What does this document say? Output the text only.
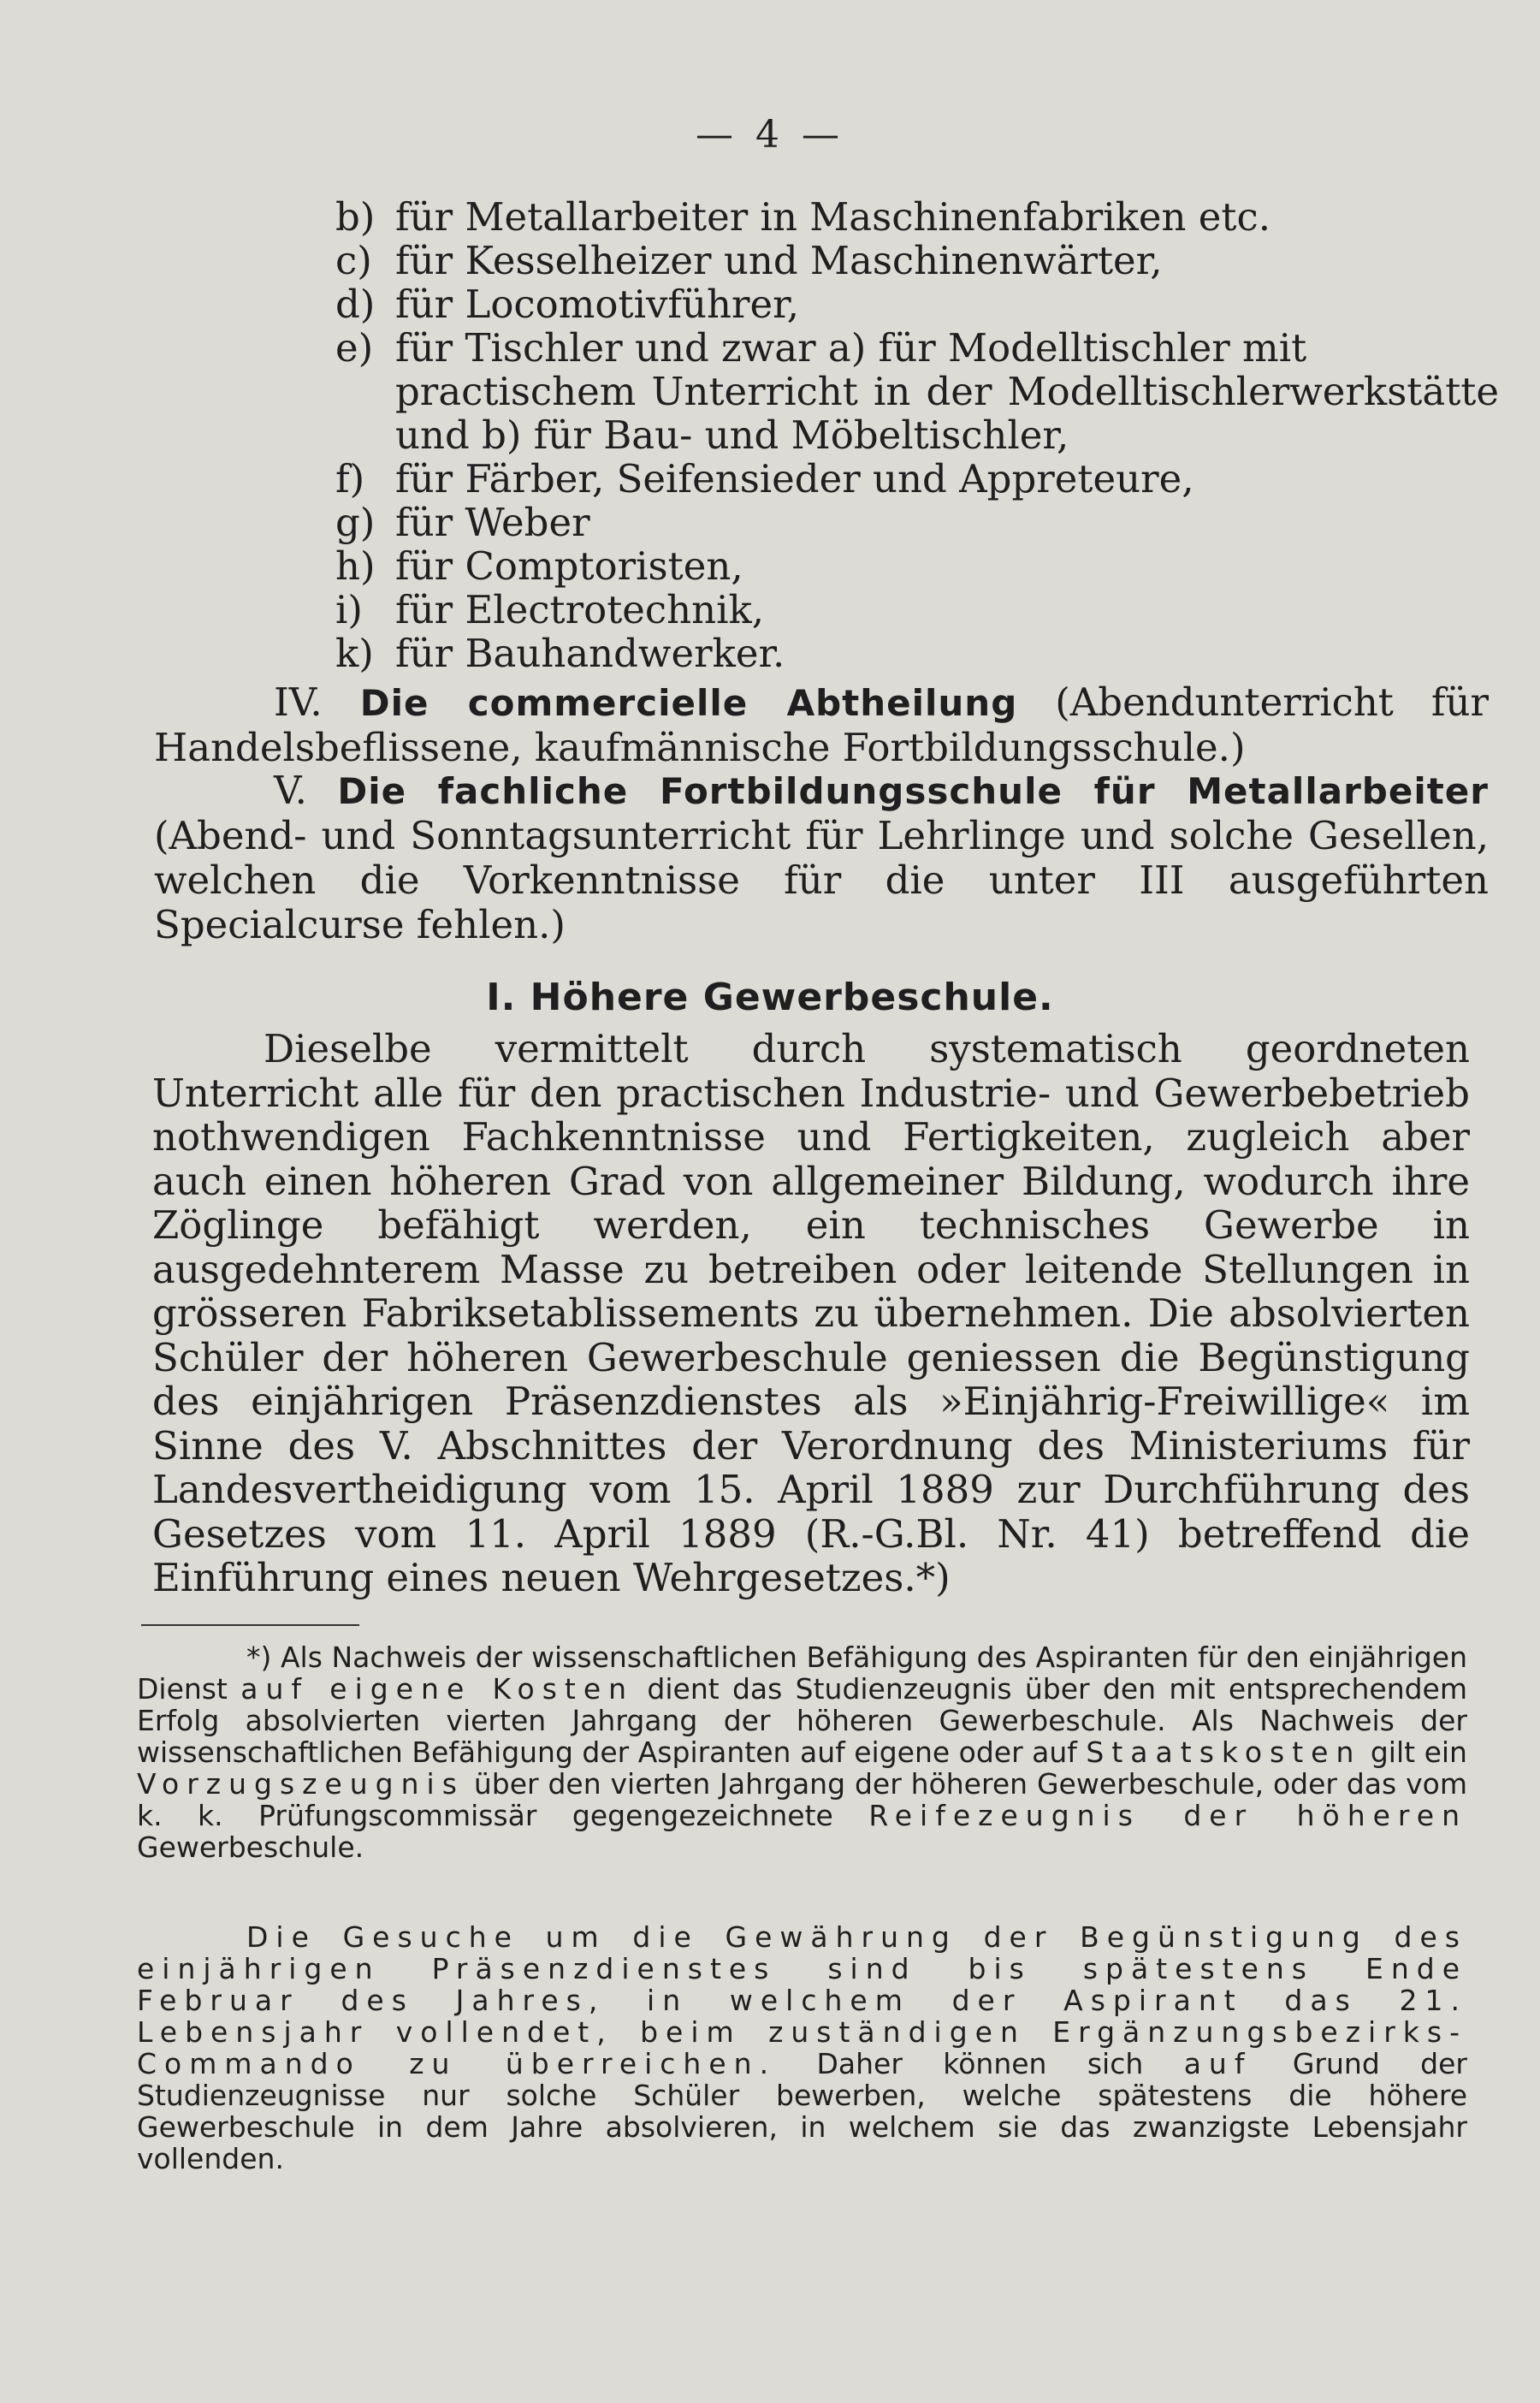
— 4 —
b) für Metallarbeiter in Maschinenfabriken etc.
c) für Kesselheizer und Maschinenwärter,
d) für Locomotivführer,
e) für Tischler und zwar a) für Modelltischler mit
practischem Unterricht in der Modelltischlerwerkstätte und b) für Bau- und Möbeltischler,
f) für Färber, Seifensieder und Appreteure,
g) für Weber
h) für Comptoristen,
i) für Electrotechnik,
k) für Bauhandwerker.
IV. Die commercielle Abtheilung (Abendunterricht für Handelsbeflissene, kaufmännische Fortbildungsschule.)
V. Die fachliche Fortbildungsschule für Metallarbeiter (Abend- und Sonntagsunterricht für Lehrlinge und solche Gesellen, welchen die Vorkenntnisse für die unter III ausgeführten Specialcurse fehlen.)
I. Höhere Gewerbeschule.
Dieselbe vermittelt durch systematisch geordneten Unterricht alle für den practischen Industrie- und Gewerbebetrieb nothwendigen Fachkenntnisse und Fertigkeiten, zugleich aber auch einen höheren Grad von allgemeiner Bildung, wodurch ihre Zöglinge befähigt werden, ein technisches Gewerbe in ausgedehnterem Masse zu betreiben oder leitende Stellungen in grösseren Fabriksetablissements zu übernehmen. Die absolvierten Schüler der höheren Gewerbeschule geniessen die Begünstigung des einjährigen Präsenzdienstes als »Einjährig-Freiwillige« im Sinne des V. Abschnittes der Verordnung des Ministeriums für Landesvertheidigung vom 15. April 1889 zur Durchführung des Gesetzes vom 11. April 1889 (R.-G.Bl. Nr. 41) betreffend die Einführung eines neuen Wehrgesetzes.*)
*) Als Nachweis der wissenschaftlichen Befähigung des Aspiranten für den einjährigen Dienst auf eigene Kosten dient das Studienzeugnis über den mit entsprechendem Erfolg absolvierten vierten Jahrgang der höheren Gewerbeschule. Als Nachweis der wissenschaftlichen Befähigung der Aspiranten auf eigene oder auf Staatskosten gilt ein Vorzugszeugnis über den vierten Jahrgang der höheren Gewerbeschule, oder das vom k. k. Prüfungscommissär gegengezeichnete Reifezeugnis der höheren Gewerbeschule.
Die Gesuche um die Gewährung der Begünstigung des einjährigen Präsenzdienstes sind bis spätestens Ende Februar des Jahres, in welchem der Aspirant das 21. Lebensjahr vollendet, beim zuständigen Ergänzungsbezirks-Commando zu überreichen. Daher können sich auf Grund der Studienzeugnisse nur solche Schüler bewerben, welche spätestens die höhere Gewerbeschule in dem Jahre absolvieren, in welchem sie das zwanzigste Lebensjahr vollenden.
